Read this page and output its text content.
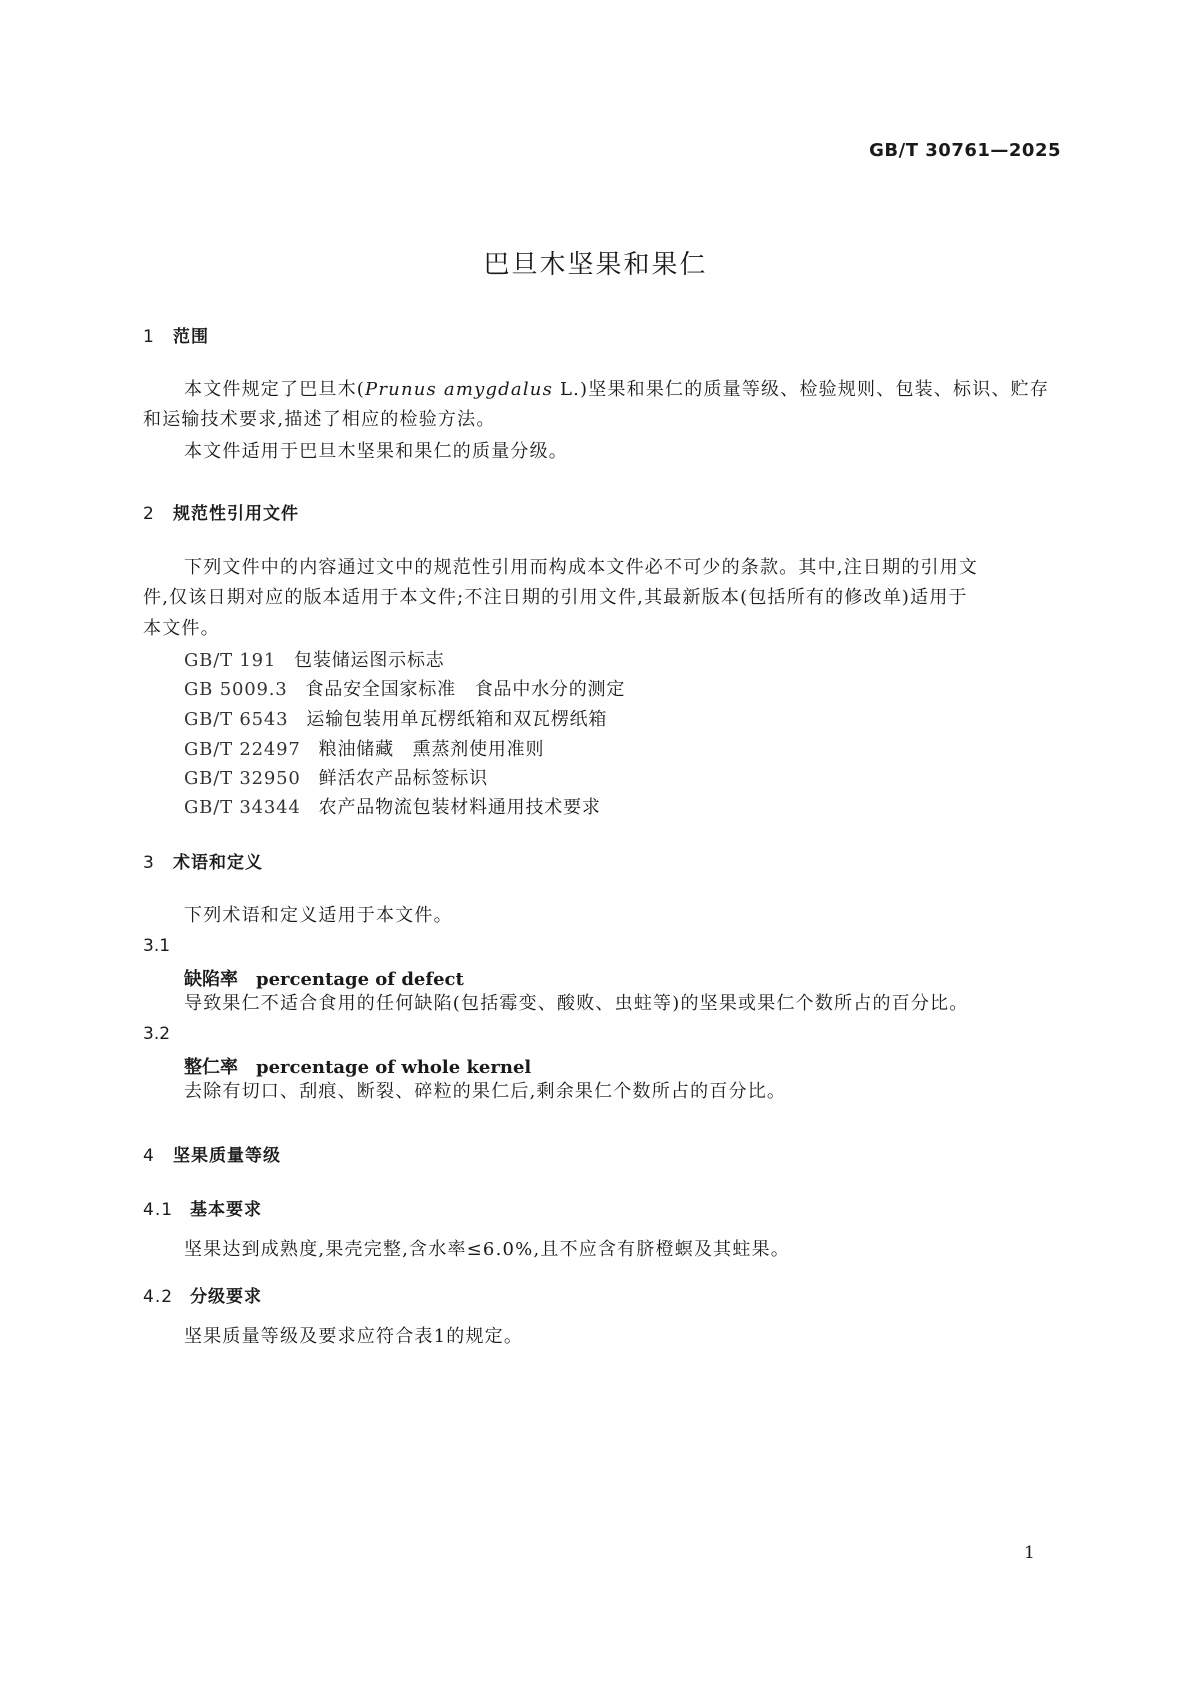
GB/T 30761—2025
巴旦木坚果和果仁
1 范围
本文件规定了巴旦木(Prunus amygdalus L.)坚果和果仁的质量等级、检验规则、包装、标识、贮存
和运输技术要求,描述了相应的检验方法。
本文件适用于巴旦木坚果和果仁的质量分级。
2 规范性引用文件
下列文件中的内容通过文中的规范性引用而构成本文件必不可少的条款。其中,注日期的引用文
件,仅该日期对应的版本适用于本文件;不注日期的引用文件,其最新版本(包括所有的修改单)适用于
本文件。
GB/T 191 包装储运图示标志
GB 5009.3 食品安全国家标准　食品中水分的测定
GB/T 6543 运输包装用单瓦楞纸箱和双瓦楞纸箱
GB/T 22497 粮油储藏　熏蒸剂使用准则
GB/T 32950 鲜活农产品标签标识
GB/T 34344 农产品物流包装材料通用技术要求
3 术语和定义
下列术语和定义适用于本文件。
3.1
缺陷率 percentage of defect
导致果仁不适合食用的任何缺陷(包括霉变、酸败、虫蛀等)的坚果或果仁个数所占的百分比。
3.2
整仁率 percentage of whole kernel
去除有切口、刮痕、断裂、碎粒的果仁后,剩余果仁个数所占的百分比。
4 坚果质量等级
4.1 基本要求
坚果达到成熟度,果壳完整,含水率≤6.0%,且不应含有脐橙螟及其蛀果。
4.2 分级要求
坚果质量等级及要求应符合表1的规定。
1
